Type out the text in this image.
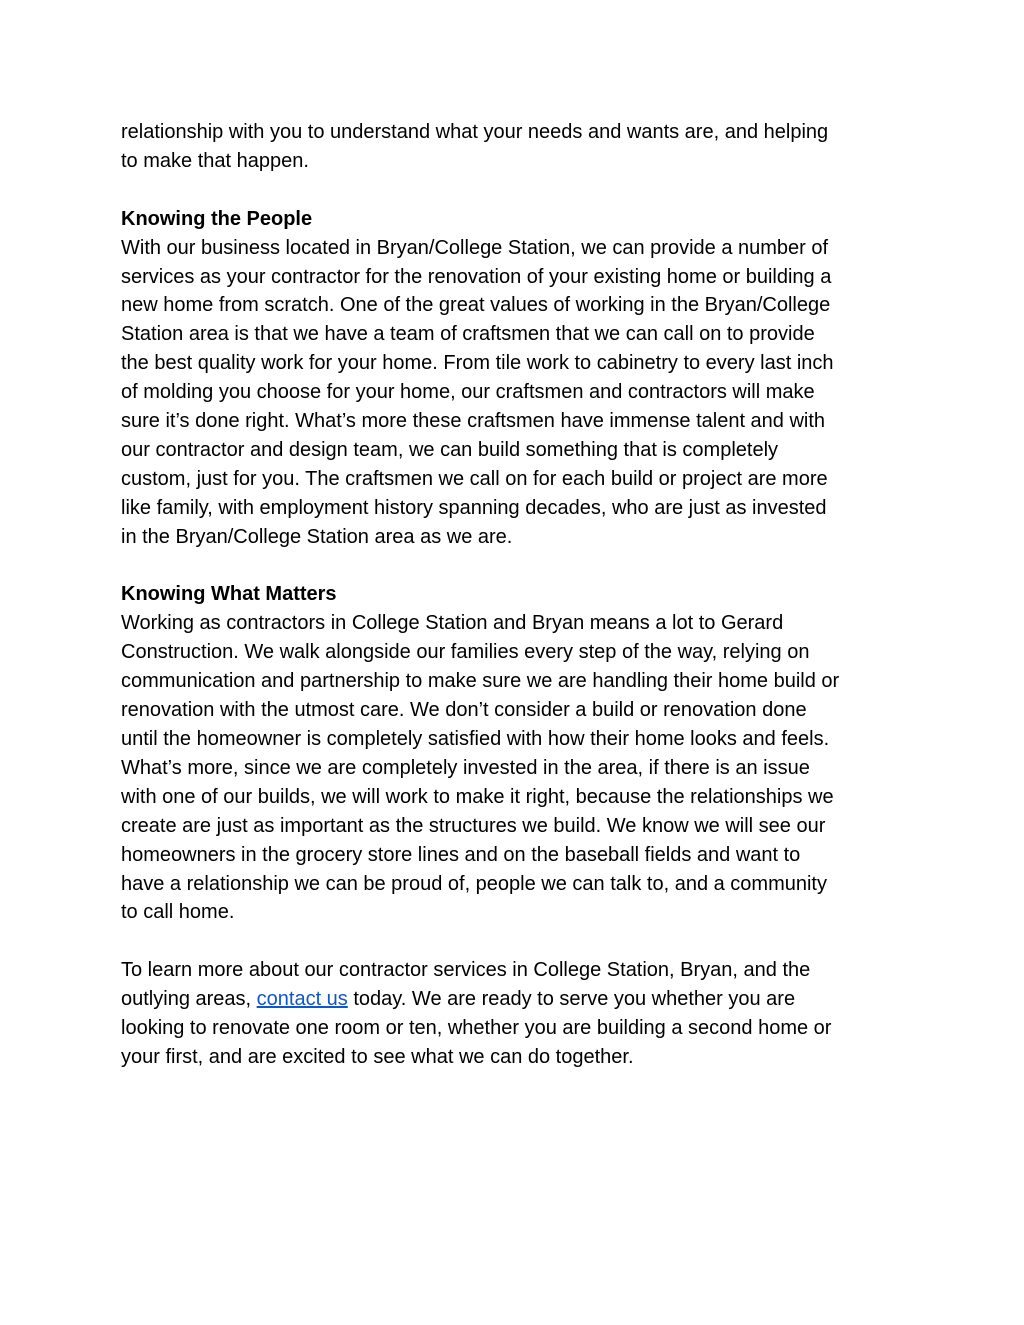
relationship with you to understand what your needs and wants are, and helping
to make that happen.

Knowing the People

With our business located in Bryan/College Station, we can provide a number of
services as your contractor for the renovation of your existing home or building a
new home from scratch. One of the great values of working in the Bryan/College
Station area is that we have a team of craftsmen that we can call on to provide
the best quality work for your home. From tile work to cabinetry to every last inch
of molding you choose for your home, our craftsmen and contractors will make
sure it’s done right. What’s more these craftsmen have immense talent and with
our contractor and design team, we can build something that is completely
custom, just for you. The craftsmen we call on for each build or project are more
like family, with employment history spanning decades, who are just as invested
in the Bryan/College Station area as we are.

Knowing What Matters

Working as contractors in College Station and Bryan means a lot to Gerard
Construction. We walk alongside our families every step of the way, relying on
communication and partnership to make sure we are handling their home build or
renovation with the utmost care. We don’t consider a build or renovation done
until the homeowner is completely satisfied with how their home looks and feels.
What’s more, since we are completely invested in the area, if there is an issue
with one of our builds, we will work to make it right, because the relationships we
create are just as important as the structures we build. We know we will see our
homeowners in the grocery store lines and on the baseball fields and want to
have a relationship we can be proud of, people we can talk to, and a community
to call home.

To learn more about our contractor services in College Station, Bryan, and the
outlying areas, contact us today. We are ready to serve you whether you are
looking to renovate one room or ten, whether you are building a second home or
your first, and are excited to see what we can do together.
